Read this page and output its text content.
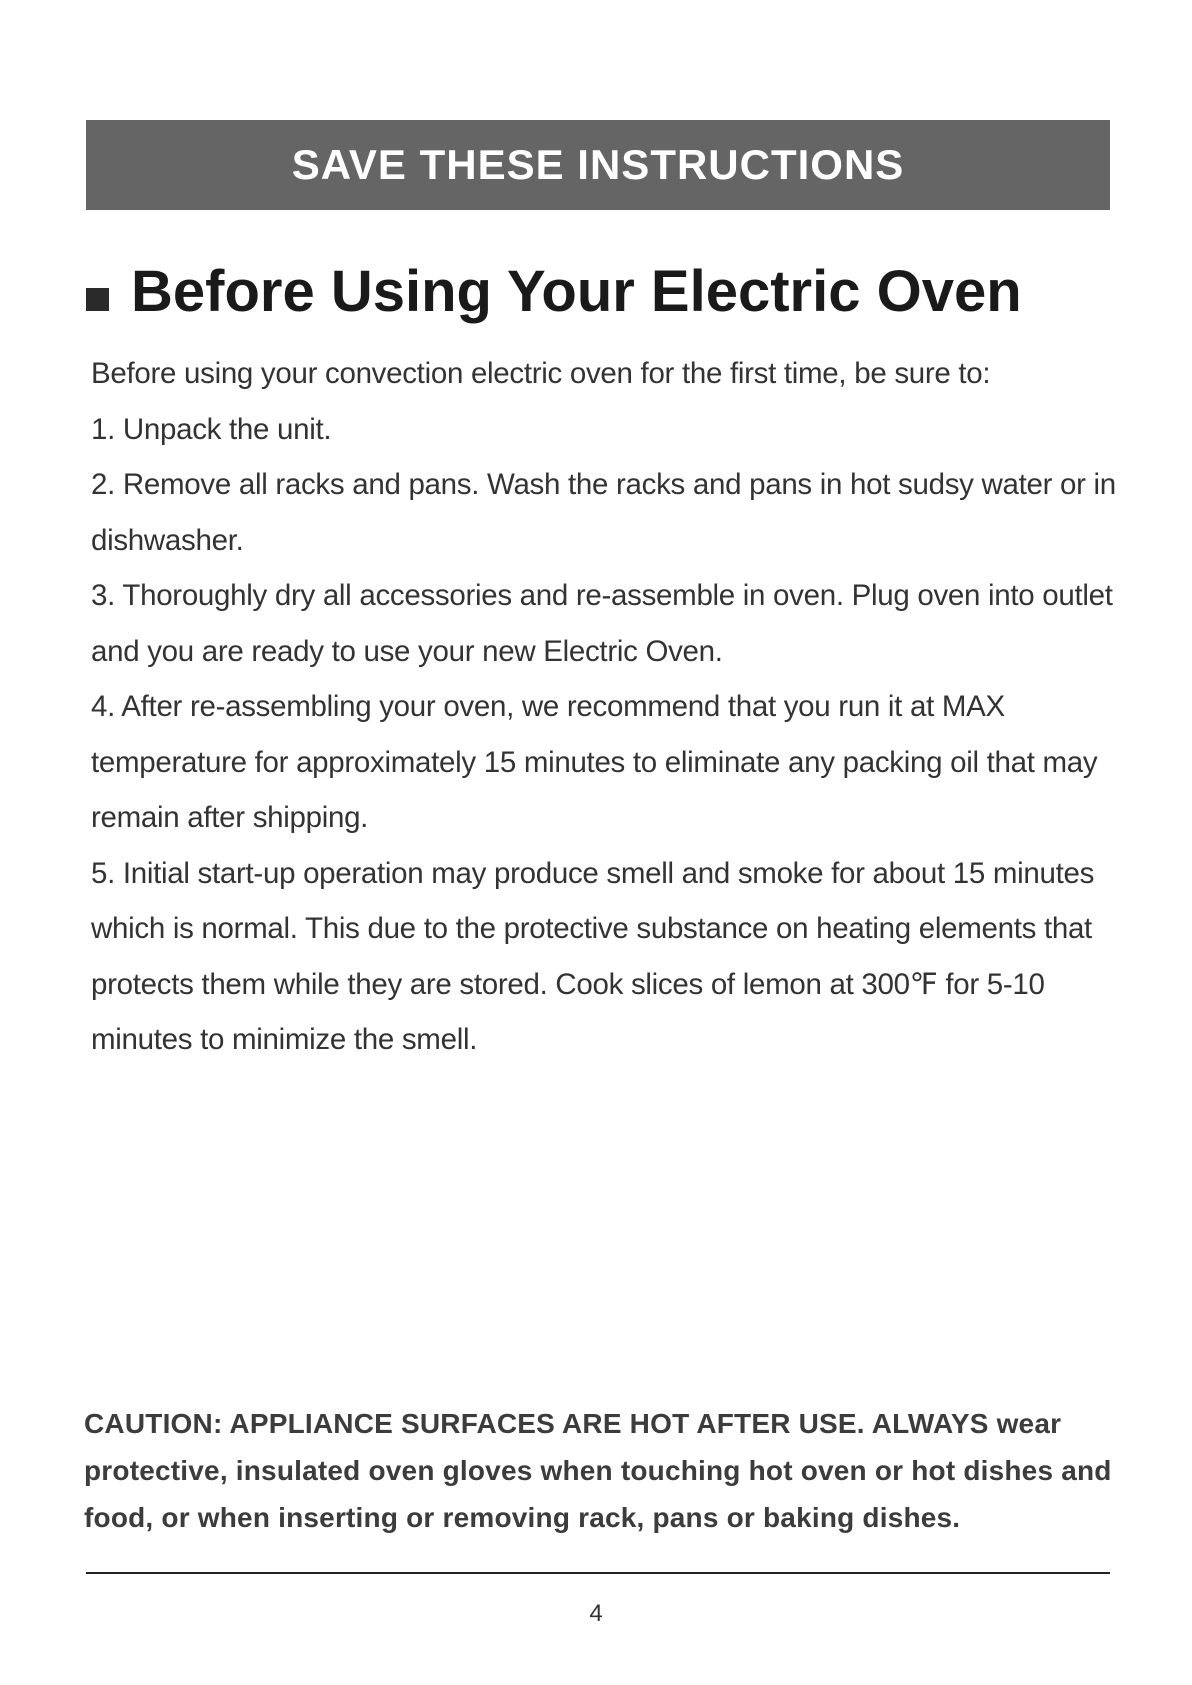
SAVE THESE INSTRUCTIONS
Before Using Your Electric Oven

Before using your convection electric oven for the first time, be sure to:

1. Unpack the unit.

2. Remove all racks and pans. Wash the racks and pans in hot sudsy water or in dishwasher.

3. Thoroughly dry all accessories and re-assemble in oven. Plug oven into outlet and you are ready to use your new Electric Oven.

4. After re-assembling your oven, we recommend that you run it at MAX temperature for approximately 15 minutes to eliminate any packing oil that may remain after shipping.

5. Initial start-up operation may produce smell and smoke for about 15 minutes which is normal. This due to the protective substance on heating elements that protects them while they are stored. Cook slices of lemon at 300℉ for 5-10 minutes to minimize the smell.

CAUTION: APPLIANCE SURFACES ARE HOT AFTER USE. ALWAYS wear protective, insulated oven gloves when touching hot oven or hot dishes and food, or when inserting or removing rack, pans or baking dishes.
4
